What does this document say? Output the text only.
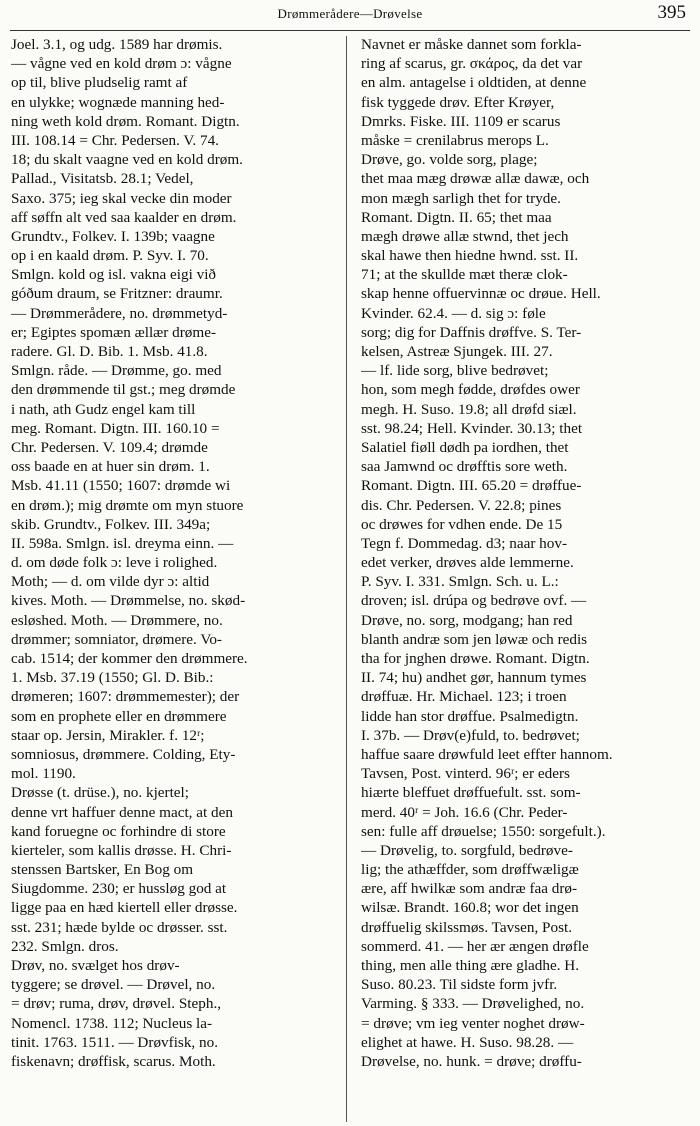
Drømmerådere—Drøvelse	395
Joel. 3.1, og udg. 1589 har drømis.
— vågne ved en kold drøm ɔ: vågne
op til, blive pludselig ramt af
en ulykke; wognæde manning hed-
ning weth kold drøm. Romant. Digtn.
III. 108.14 = Chr. Pedersen. V. 74.
18; du skalt vaagne ved en kold drøm.
Pallad., Visitatsb. 28.1; Vedel,
Saxo. 375; ieg skal vecke din moder
aff søffn alt ved saa kaalder en drøm.
Grundtv., Folkev. I. 139b; vaagne
op i en kaald drøm. P. Syv. I. 70.
Smlgn. kold og isl. vakna eigi við
góðum draum, se Fritzner: draumr.
— Drømmerådere, no. drømmetyd-
er; Egiptes spomæn ællær drøme-
radere. Gl. D. Bib. 1. Msb. 41.8.
Smlgn. råde. — Drømme, go. med
den drømmende til gst.; meg drømde
i nath, ath Gudz engel kam till
meg. Romant. Digtn. III. 160.10 =
Chr. Pedersen. V. 109.4; drømde
oss baade en at huer sin drøm. 1.
Msb. 41.11 (1550; 1607: drømde wi
en drøm.); mig drømte om myn stuore
skib. Grundtv., Folkev. III. 349a;
II. 598a. Smlgn. isl. dreyma einn. —
d. om døde folk ɔ: leve i rolighed.
Moth; — d. om vilde dyr ɔ: altid
kives. Moth. — Drømmelse, no. skød-
esløshed. Moth. — Drømmere, no.
drømmer; somniator, drømere. Vo-
cab. 1514; der kommer den drømmere.
1. Msb. 37.19 (1550; Gl. D. Bib.:
drømeren; 1607: drømmemester); der
som en prophete eller en drømmere
staar op. Jersin, Mirakler. f. 12ʳ;
somniosus, drømmere. Colding, Ety-
mol. 1190.
Drøsse (t. drüse.), no. kjertel;
denne vrt haffuer denne mact, at den
kand foruegne oc forhindre di store
kierteler, som kallis drøsse. H. Chri-
stenssen Bartsker, En Bog om
Siugdomme. 230; er hussløg god at
ligge paa en hæd kiertell eller drøsse.
sst. 231; hæde bylde oc drøsser. sst.
232. Smlgn. dros.
Drøv, no. svælget hos drøv-
tyggere; se drøvel. — Drøvel, no.
= drøv; ruma, drøv, drøvel. Steph.,
Nomencl. 1738. 112; Nucleus la-
tinit. 1763. 1511. — Drøvfisk, no.
fiskenavn; drøffisk, scarus. Moth.
Navnet er måske dannet som forkla-
ring af scarus, gr. σκάρος, da det var
en alm. antagelse i oldtiden, at denne
fisk tyggede drøv. Efter Krøyer,
Dmrks. Fiske. III. 1109 er scarus
måske = crenilabrus merops L.
Drøve, go. volde sorg, plage;
thet maa mæg drøwæ allæ dawæ, och
mon mægh sarligh thet for tryde.
Romant. Digtn. II. 65; thet maa
mægh drøwe allæ stwnd, thet jech
skal hawe then hiedne hwnd. sst. II.
71; at the skullde mæt theræ clok-
skap henne offuervinnæ oc drøue. Hell.
Kvinder. 62.4. — d. sig ɔ: føle
sorg; dig for Daffnis drøffve. S. Ter-
kelsen, Astreæ Sjungek. III. 27.
— lf. lide sorg, blive bedrøvet;
hon, som megh fødde, drøfdes ower
megh. H. Suso. 19.8; all drøfd siæl.
sst. 98.24; Hell. Kvinder. 30.13; thet
Salatiel fiøll dødh pa iordhen, thet
saa Jamwnd oc drøfftis sore weth.
Romant. Digtn. III. 65.20 = drøffue-
dis. Chr. Pedersen. V. 22.8; pines
oc drøwes for vdhen ende. De 15
Tegn f. Dommedag. d3; naar hov-
edet verker, drøves alde lemmerne.
P. Syv. I. 331. Smlgn. Sch. u. L.:
droven; isl. drúpa og bedrøve ovf. —
Drøve, no. sorg, modgang; han red
blanth andræ som jen løwæ och redis
tha for jnghen drøwe. Romant. Digtn.
II. 74; hu) andhet gør, hannum tymes
drøffuæ. Hr. Michael. 123; i troen
lidde han stor drøffue. Psalmedigtn.
I. 37b. — Drøv(e)fuld, to. bedrøvet;
haffue saare drøwfuld leet effter hannom.
Tavsen, Post. vinterd. 96ʳ; er eders
hiærte bleffuet drøffuefult. sst. som-
merd. 40ʳ = Joh. 16.6 (Chr. Peder-
sen: fulle aff drøuelse; 1550: sorgefult.).
— Drøvelig, to. sorgfuld, bedrøve-
lig; the athæffder, som drøffwæligæ
ære, aff hwilkæ som andræ faa drø-
wilsæ. Brandt. 160.8; wor det ingen
drøffuelig skilssmøs. Tavsen, Post.
sommerd. 41. — her ær ængen drøfle
thing, men alle thing ære gladhe. H.
Suso. 80.23. Til sidste form jvfr.
Varming. § 333. — Drøvelighed, no.
= drøve; vm ieg venter noghet drøw-
elighet at hawe. H. Suso. 98.28. —
Drøvelse, no. hunk. = drøve; drøffu-
